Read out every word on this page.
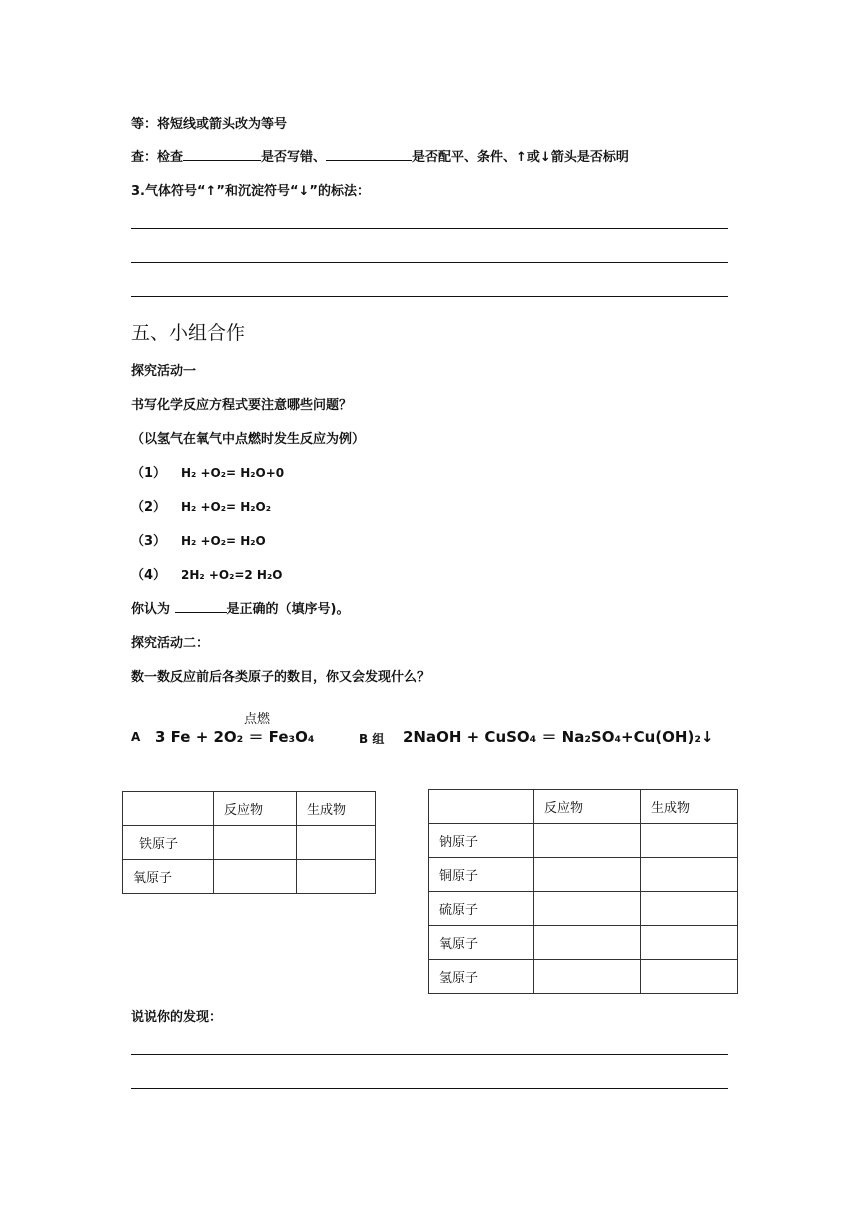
等：将短线或箭头改为等号
查：检查	是否写错、	是否配平、条件、↑或↓箭头是否标明
3.气体符号“↑”和沉淀符号“↓”的标法：
五、小组合作
探究活动一
书写化学反应方程式要注意哪些问题？
（以氢气在氧气中点燃时发生反应为例）
（1） H₂ +O₂= H₂O+0
（2） H₂ +O₂= H₂O₂
（3） H₂ +O₂= H₂O
（4） 2H₂ +O₂=2 H₂O
你认为	是正确的（填序号)。
探究活动二：
数一数反应前后各类原子的数目，你又会发现什么？
点燃
A 3 Fe + 2O₂ ＝ Fe₃O₄	B 组 2NaOH + CuSO₄ ＝ Na₂SO₄+Cu(OH)₂↓
	反应物	生成物
铁原子		
氧原子		
	反应物	生成物
钠原子		
铜原子		
硫原子		
氧原子		
氢原子		
说说你的发现：
